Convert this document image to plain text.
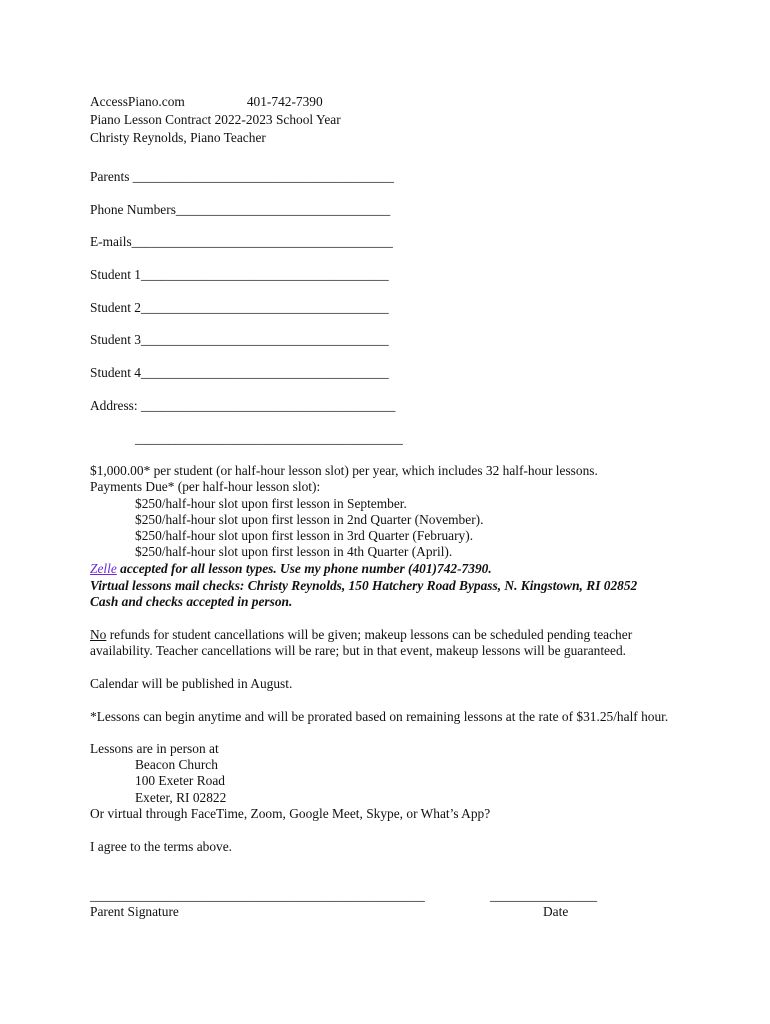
AccessPiano.com	401-742-7390
Piano Lesson Contract 2022-2023 School Year
Christy Reynolds, Piano Teacher
Parents _______________________________________
Phone Numbers________________________________
E-mails_______________________________________
Student 1_____________________________________
Student 2_____________________________________
Student 3_____________________________________
Student 4_____________________________________
Address: ______________________________________
________________________________________
$1,000.00* per student (or half-hour lesson slot) per year, which includes 32 half-hour lessons.
Payments Due* (per half-hour lesson slot):
$250/half-hour slot upon first lesson in September.
$250/half-hour slot upon first lesson in 2nd Quarter (November).
$250/half-hour slot upon first lesson in 3rd Quarter (February).
$250/half-hour slot upon first lesson in 4th Quarter (April).
Zelle accepted for all lesson types. Use my phone number (401)742-7390.
Virtual lessons mail checks: Christy Reynolds, 150 Hatchery Road Bypass, N. Kingstown, RI 02852
Cash and checks accepted in person.
No refunds for student cancellations will be given; makeup lessons can be scheduled pending teacher availability. Teacher cancellations will be rare; but in that event, makeup lessons will be guaranteed.
Calendar will be published in August.
*Lessons can begin anytime and will be prorated based on remaining lessons at the rate of $31.25/half hour.
Lessons are in person at
Beacon Church
100 Exeter Road
Exeter, RI 02822
Or virtual through FaceTime, Zoom, Google Meet, Skype, or What’s App?
I agree to the terms above.
__________________________________________________	________________
Parent Signature	Date
